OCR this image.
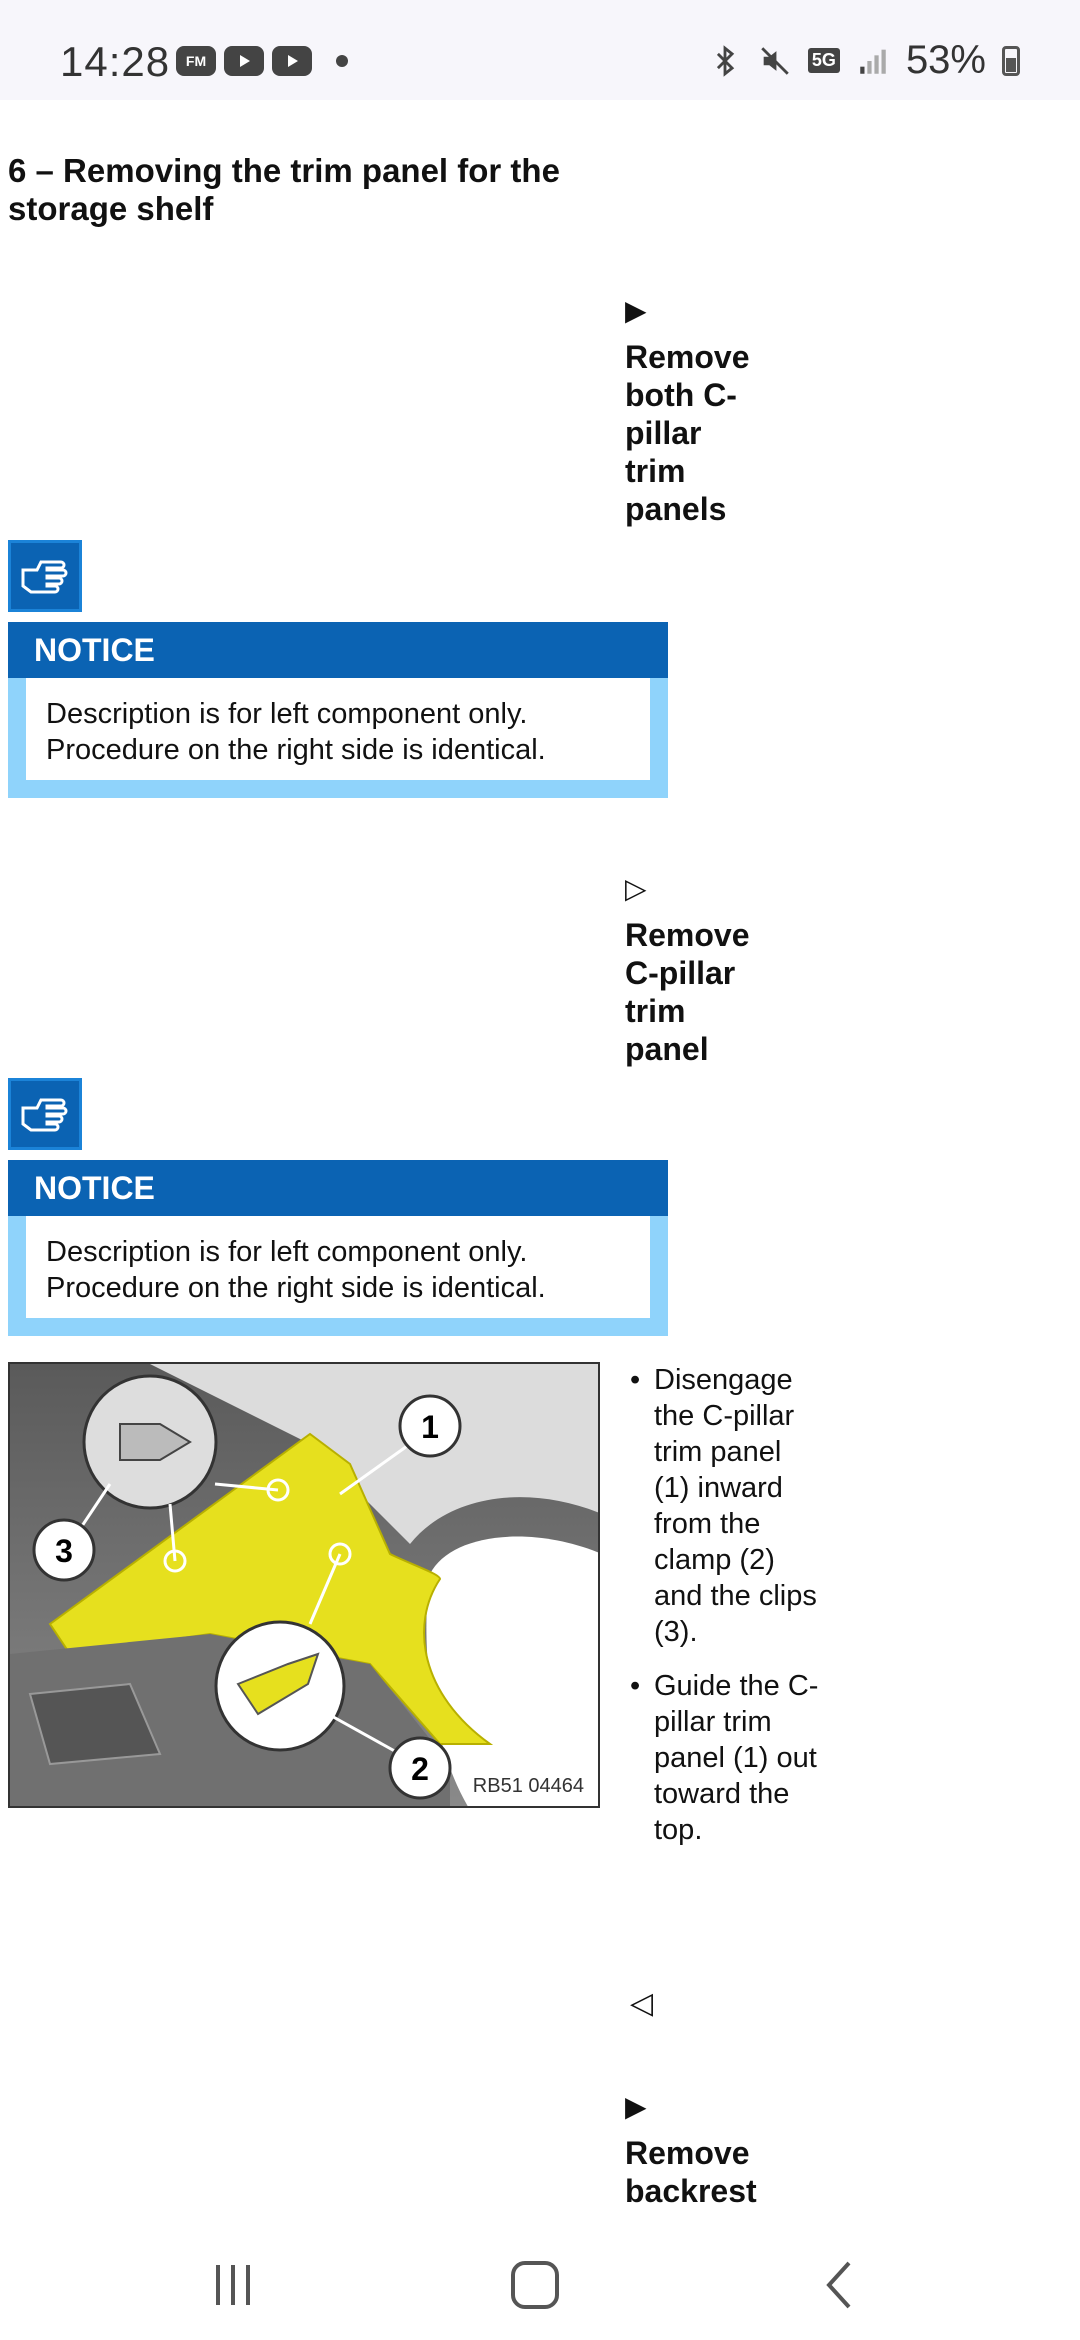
14:28	FM	5G 53%
6 – Removing the trim panel for the storage shelf
▶
Remove both C-pillar trim panels
NOTICE
Description is for left component only. Procedure on the right side is identical.
▷
Remove C-pillar trim panel
NOTICE
Description is for left component only. Procedure on the right side is identical.
1
2
3
RB51 04464
• Disengage the C-pillar trim panel (1) inward from the clamp (2) and the clips (3).
• Guide the C-pillar trim panel (1) out toward the top.
◁
▶
Remove backrest
